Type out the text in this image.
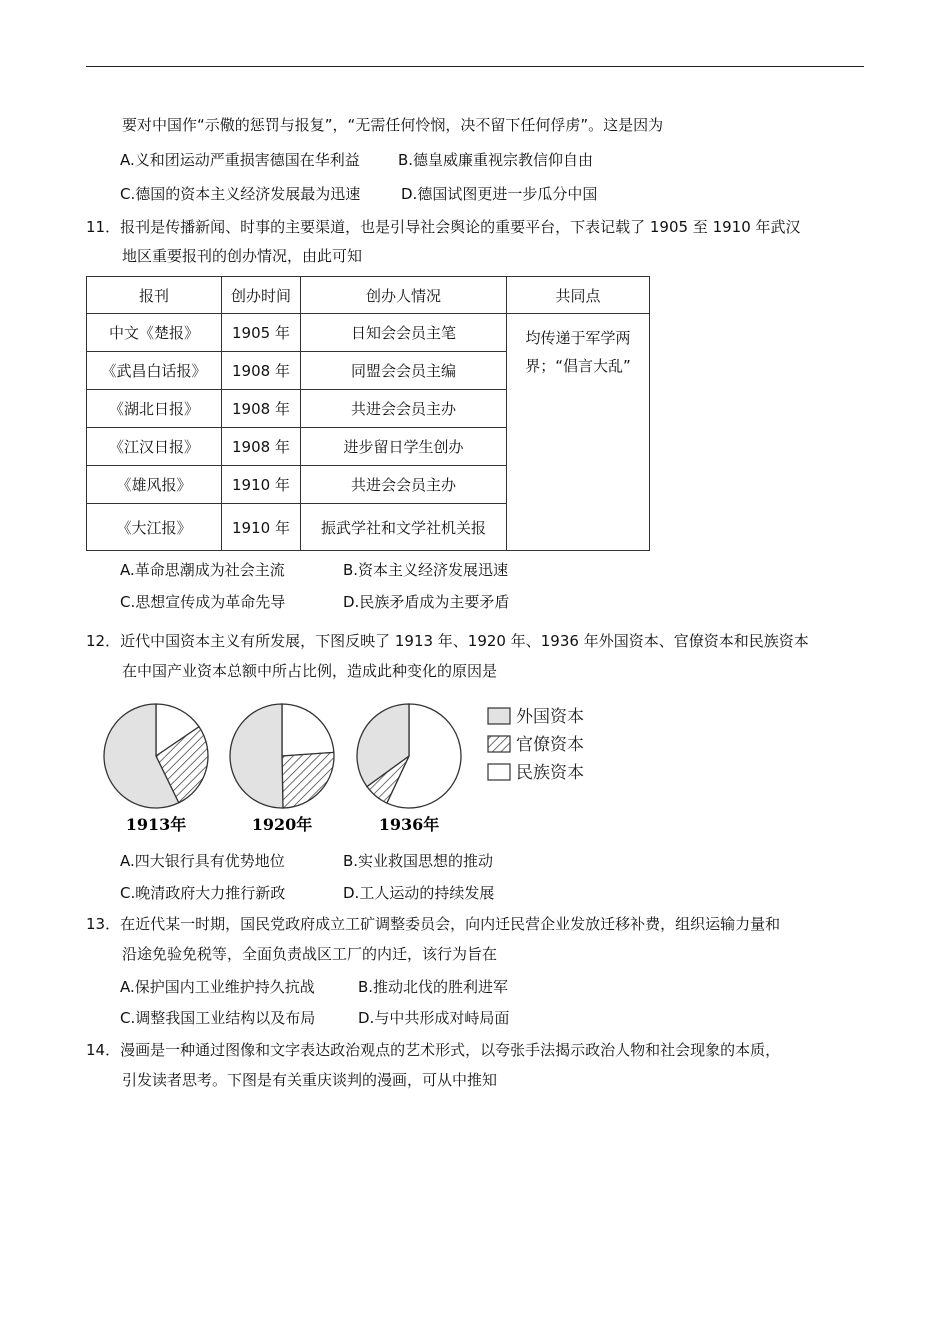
要对中国作“示儆的惩罚与报复”，“无需任何怜悯，决不留下任何俘虏”。这是因为
A.义和团运动严重损害德国在华利益	B.德皇威廉重视宗教信仰自由
C.德国的资本主义经济发展最为迅速	D.德国试图更进一步瓜分中国
11．报刊是传播新闻、时事的主要渠道，也是引导社会舆论的重要平台，下表记载了 1905 至 1910 年武汉
地区重要报刊的创办情况，由此可知
报刊	创办时间	创办人情况	共同点
中文《楚报》	1905 年	日知会会员主笔	均传递于军学两
界；“倡言大乱”

《武昌白话报》	1908 年	同盟会会员主编	
《湖北日报》	1908 年	共进会会员主办	
《江汉日报》	1908 年	进步留日学生创办	
《雄风报》	1910 年	共进会会员主办	
《大江报》	1910 年	振武学社和文学社机关报	
A.革命思潮成为社会主流	B.资本主义经济发展迅速
C.思想宣传成为革命先导	D.民族矛盾成为主要矛盾
12．近代中国资本主义有所发展，下图反映了 1913 年、1920 年、1936 年外国资本、官僚资本和民族资本
在中国产业资本总额中所占比例，造成此种变化的原因是
1913年	1920年	1936年
外国资本
官僚资本
民族资本
A.四大银行具有优势地位	B.实业救国思想的推动
C.晚清政府大力推行新政	D.工人运动的持续发展
13．在近代某一时期，国民党政府成立工矿调整委员会，向内迁民营企业发放迁移补费，组织运输力量和
沿途免验免税等，全面负责战区工厂的内迁，该行为旨在
A.保护国内工业维护持久抗战	B.推动北伐的胜利进军
C.调整我国工业结构以及布局	D.与中共形成对峙局面
14．漫画是一种通过图像和文字表达政治观点的艺术形式，以夸张手法揭示政治人物和社会现象的本质，
引发读者思考。下图是有关重庆谈判的漫画，可从中推知
